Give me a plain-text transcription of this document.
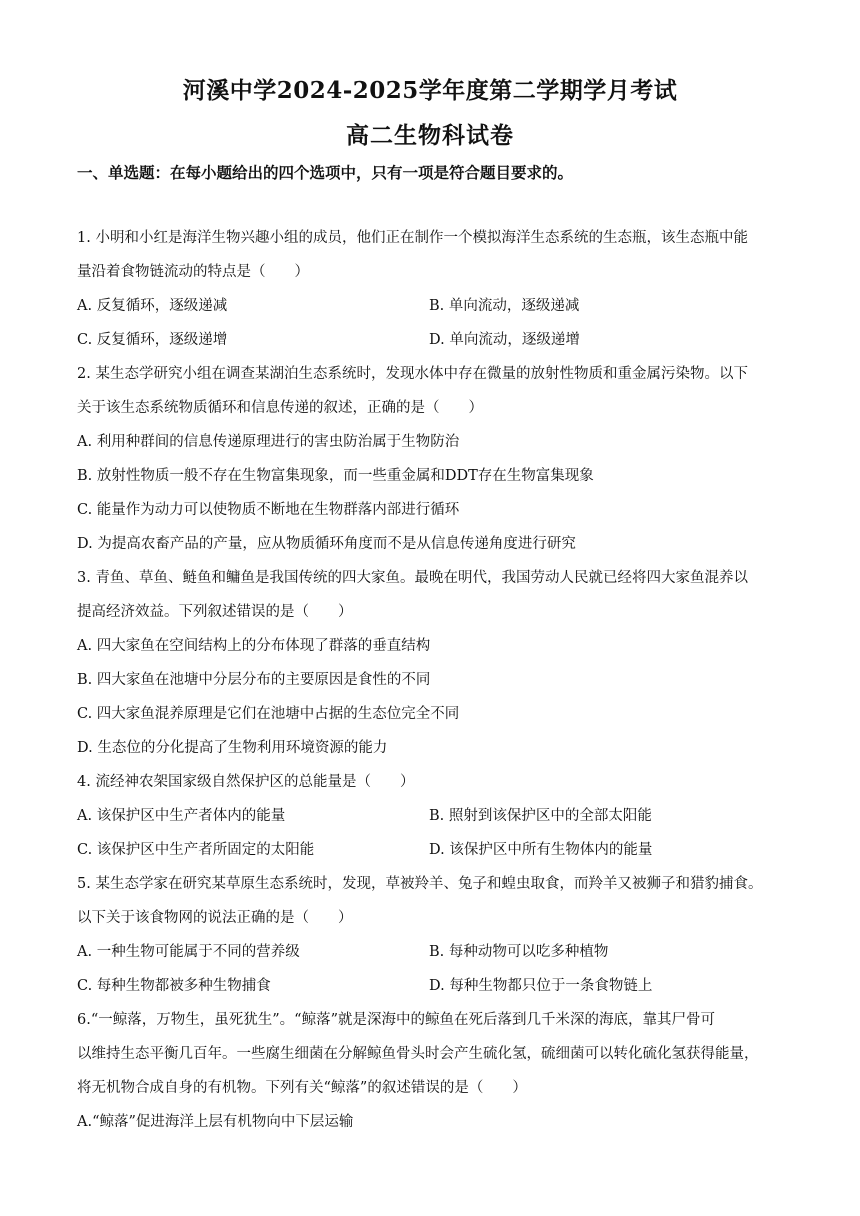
河溪中学2024-2025学年度第二学期学月考试
高二生物科试卷
一、单选题：在每小题给出的四个选项中，只有一项是符合题目要求的。
1. 小明和小红是海洋生物兴趣小组的成员，他们正在制作一个模拟海洋生态系统的生态瓶，该生态瓶中能
量沿着食物链流动的特点是（　　）
A. 反复循环，逐级递减	B. 单向流动，逐级递减
C. 反复循环，逐级递增	D. 单向流动，逐级递增
2. 某生态学研究小组在调查某湖泊生态系统时，发现水体中存在微量的放射性物质和重金属污染物。以下
关于该生态系统物质循环和信息传递的叙述，正确的是（　　）
A. 利用种群间的信息传递原理进行的害虫防治属于生物防治
B. 放射性物质一般不存在生物富集现象，而一些重金属和DDT存在生物富集现象
C. 能量作为动力可以使物质不断地在生物群落内部进行循环
D. 为提高农畜产品的产量，应从物质循环角度而不是从信息传递角度进行研究
3. 青鱼、草鱼、鲢鱼和鳙鱼是我国传统的四大家鱼。最晚在明代，我国劳动人民就已经将四大家鱼混养以
提高经济效益。下列叙述错误的是（　　）
A. 四大家鱼在空间结构上的分布体现了群落的垂直结构
B. 四大家鱼在池塘中分层分布的主要原因是食性的不同
C. 四大家鱼混养原理是它们在池塘中占据的生态位完全不同
D. 生态位的分化提高了生物利用环境资源的能力
4. 流经神农架国家级自然保护区的总能量是（　　）
A. 该保护区中生产者体内的能量	B. 照射到该保护区中的全部太阳能
C. 该保护区中生产者所固定的太阳能	D. 该保护区中所有生物体内的能量
5. 某生态学家在研究某草原生态系统时，发现，草被羚羊、兔子和蝗虫取食，而羚羊又被狮子和猎豹捕食。
以下关于该食物网的说法正确的是（　　）
A. 一种生物可能属于不同的营养级	B. 每种动物可以吃多种植物
C. 每种生物都被多种生物捕食	D. 每种生物都只位于一条食物链上
6.“一鲸落，万物生，虽死犹生”。“鲸落”就是深海中的鲸鱼在死后落到几千米深的海底，靠其尸骨可
以维持生态平衡几百年。一些腐生细菌在分解鲸鱼骨头时会产生硫化氢，硫细菌可以转化硫化氢获得能量，
将无机物合成自身的有机物。下列有关“鲸落”的叙述错误的是（　　）
A.“鲸落”促进海洋上层有机物向中下层运输
